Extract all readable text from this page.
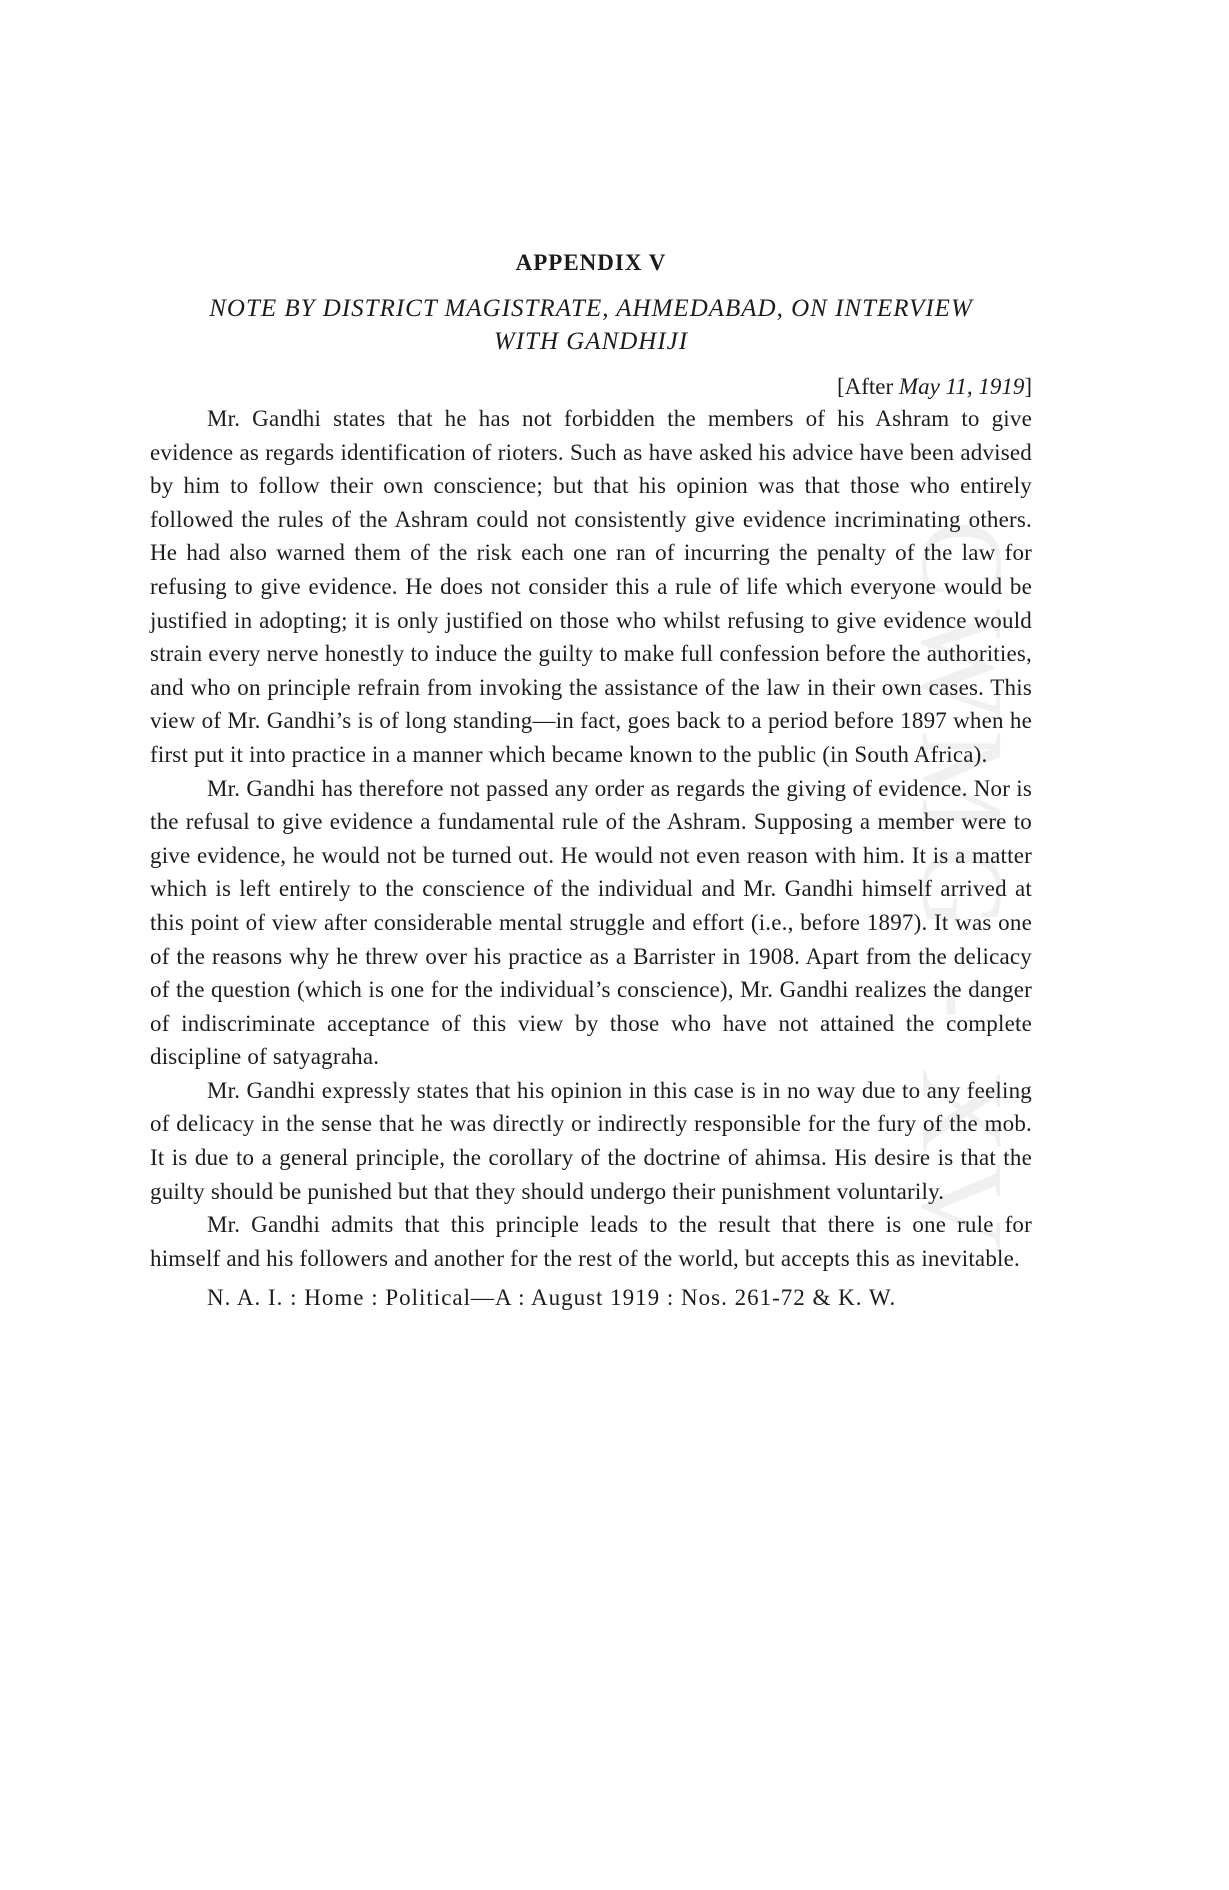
CWMG - XV
APPENDIX V
NOTE BY DISTRICT MAGISTRATE, AHMEDABAD, ON INTERVIEW
WITH GANDHIJI
[After May 11, 1919]

Mr. Gandhi states that he has not forbidden the members of his Ashram to give evidence as regards identification of rioters. Such as have asked his advice have been advised by him to follow their own conscience; but that his opinion was that those who entirely followed the rules of the Ashram could not consistently give evidence incriminating others. He had also warned them of the risk each one ran of incurring the penalty of the law for refusing to give evidence. He does not consider this a rule of life which everyone would be justified in adopting; it is only justified on those who whilst refusing to give evidence would strain every nerve honestly to induce the guilty to make full confession before the authorities, and who on principle refrain from invoking the assistance of the law in their own cases. This view of Mr. Gandhi’s is of long standing—in fact, goes back to a period before 1897 when he first put it into practice in a manner which became known to the public (in South Africa).

Mr. Gandhi has therefore not passed any order as regards the giving of evidence. Nor is the refusal to give evidence a fundamental rule of the Ashram. Supposing a member were to give evidence, he would not be turned out. He would not even reason with him. It is a matter which is left entirely to the conscience of the individual and Mr. Gandhi himself arrived at this point of view after considerable mental struggle and effort (i.e., before 1897). It was one of the reasons why he threw over his practice as a Barrister in 1908. Apart from the delicacy of the question (which is one for the individual’s conscience), Mr. Gandhi realizes the danger of indiscriminate acceptance of this view by those who have not attained the complete discipline of satyagraha.

Mr. Gandhi expressly states that his opinion in this case is in no way due to any feeling of delicacy in the sense that he was directly or indirectly responsible for the fury of the mob. It is due to a general principle, the corollary of the doctrine of ahimsa. His desire is that the guilty should be punished but that they should undergo their punishment voluntarily.

Mr. Gandhi admits that this principle leads to the result that there is one rule for himself and his followers and another for the rest of the world, but accepts this as inevitable.

N. A. I. : Home : Political—A : August 1919 : Nos. 261-72 & K. W.
